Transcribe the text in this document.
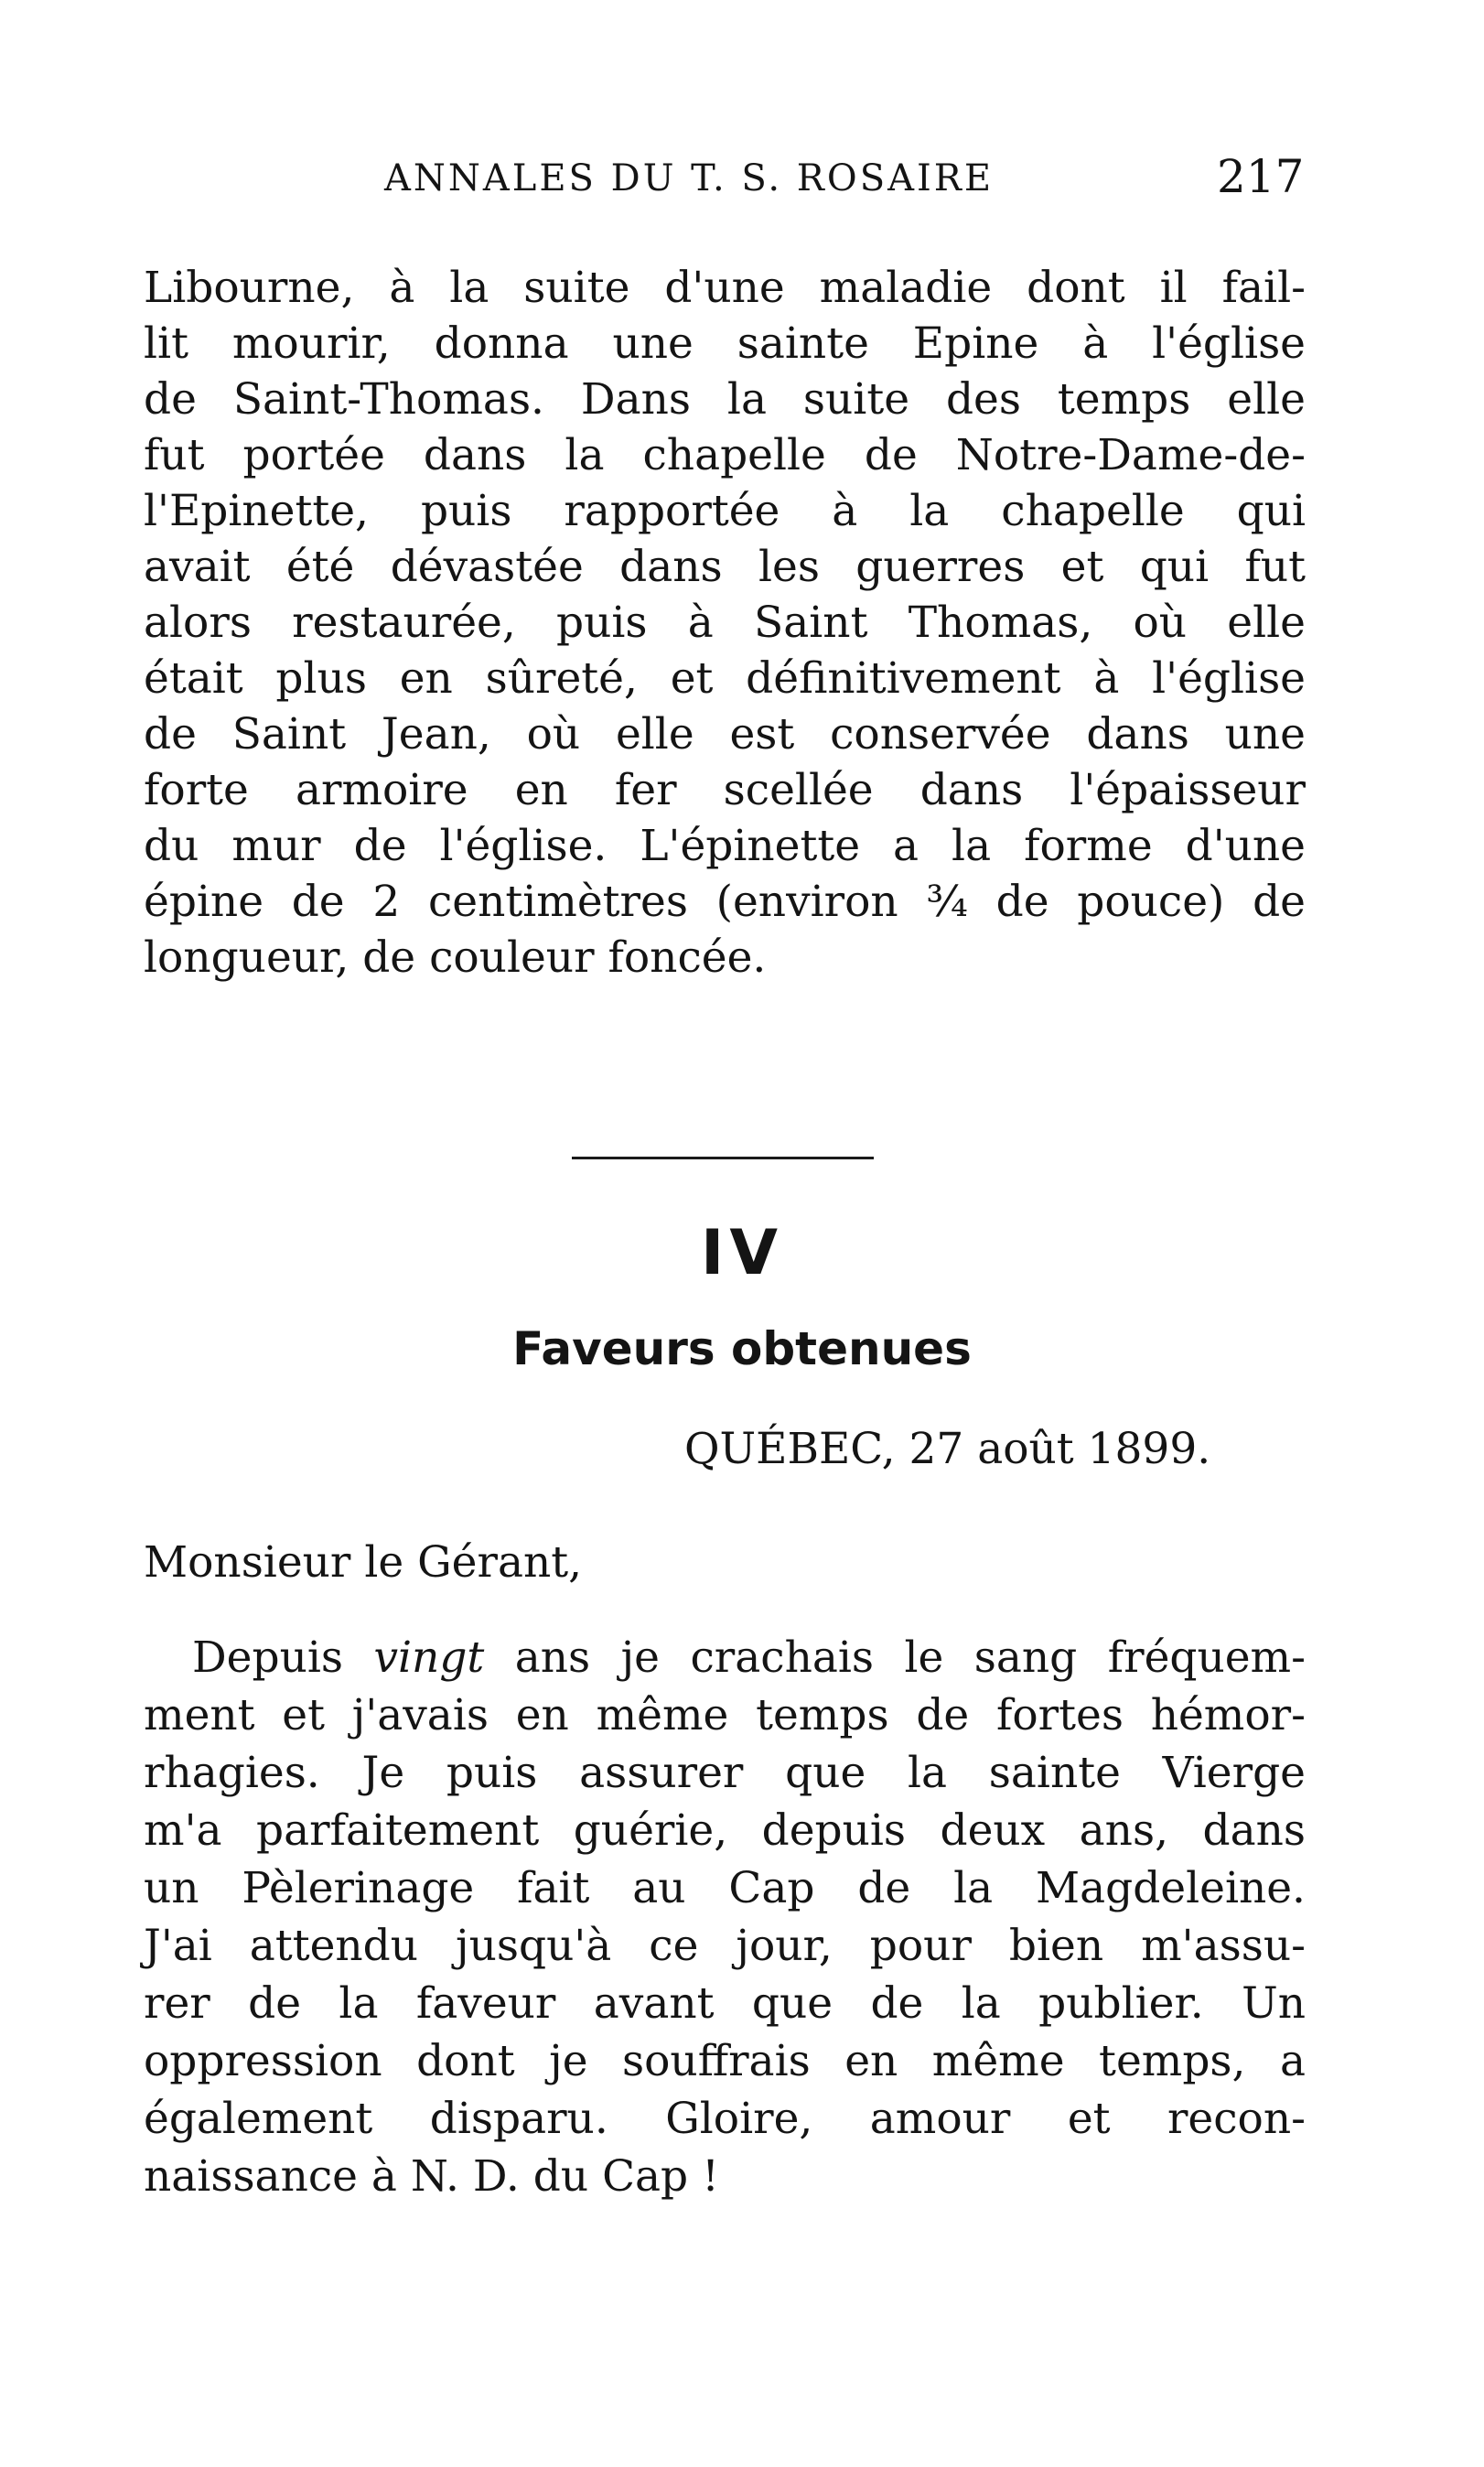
ANNALES DU T. S. ROSAIRE	217
Libourne, à la suite d'une maladie dont il fail-
lit mourir, donna une sainte Epine à l'église
de Saint-Thomas. Dans la suite des temps elle
fut portée dans la chapelle de Notre-Dame-de-
l'Epinette, puis rapportée à la chapelle qui
avait été dévastée dans les guerres et qui fut
alors restaurée, puis à Saint Thomas, où elle
était plus en sûreté, et définitivement à l'église
de Saint Jean, où elle est conservée dans une
forte armoire en fer scellée dans l'épaisseur
du mur de l'église. L'épinette a la forme d'une
épine de 2 centimètres (environ ¾ de pouce) de
longueur, de couleur foncée.
IV
Faveurs obtenues
QUÉBEC, 27 août 1899.
Monsieur le Gérant,
Depuis vingt ans je crachais le sang fréquem-
ment et j'avais en même temps de fortes hémor-
rhagies. Je puis assurer que la sainte Vierge
m'a parfaitement guérie, depuis deux ans, dans
un Pèlerinage fait au Cap de la Magdeleine.
J'ai attendu jusqu'à ce jour, pour bien m'assu-
rer de la faveur avant que de la publier. Un
oppression dont je souffrais en même temps, a
également disparu. Gloire, amour et recon-
naissance à N. D. du Cap !
